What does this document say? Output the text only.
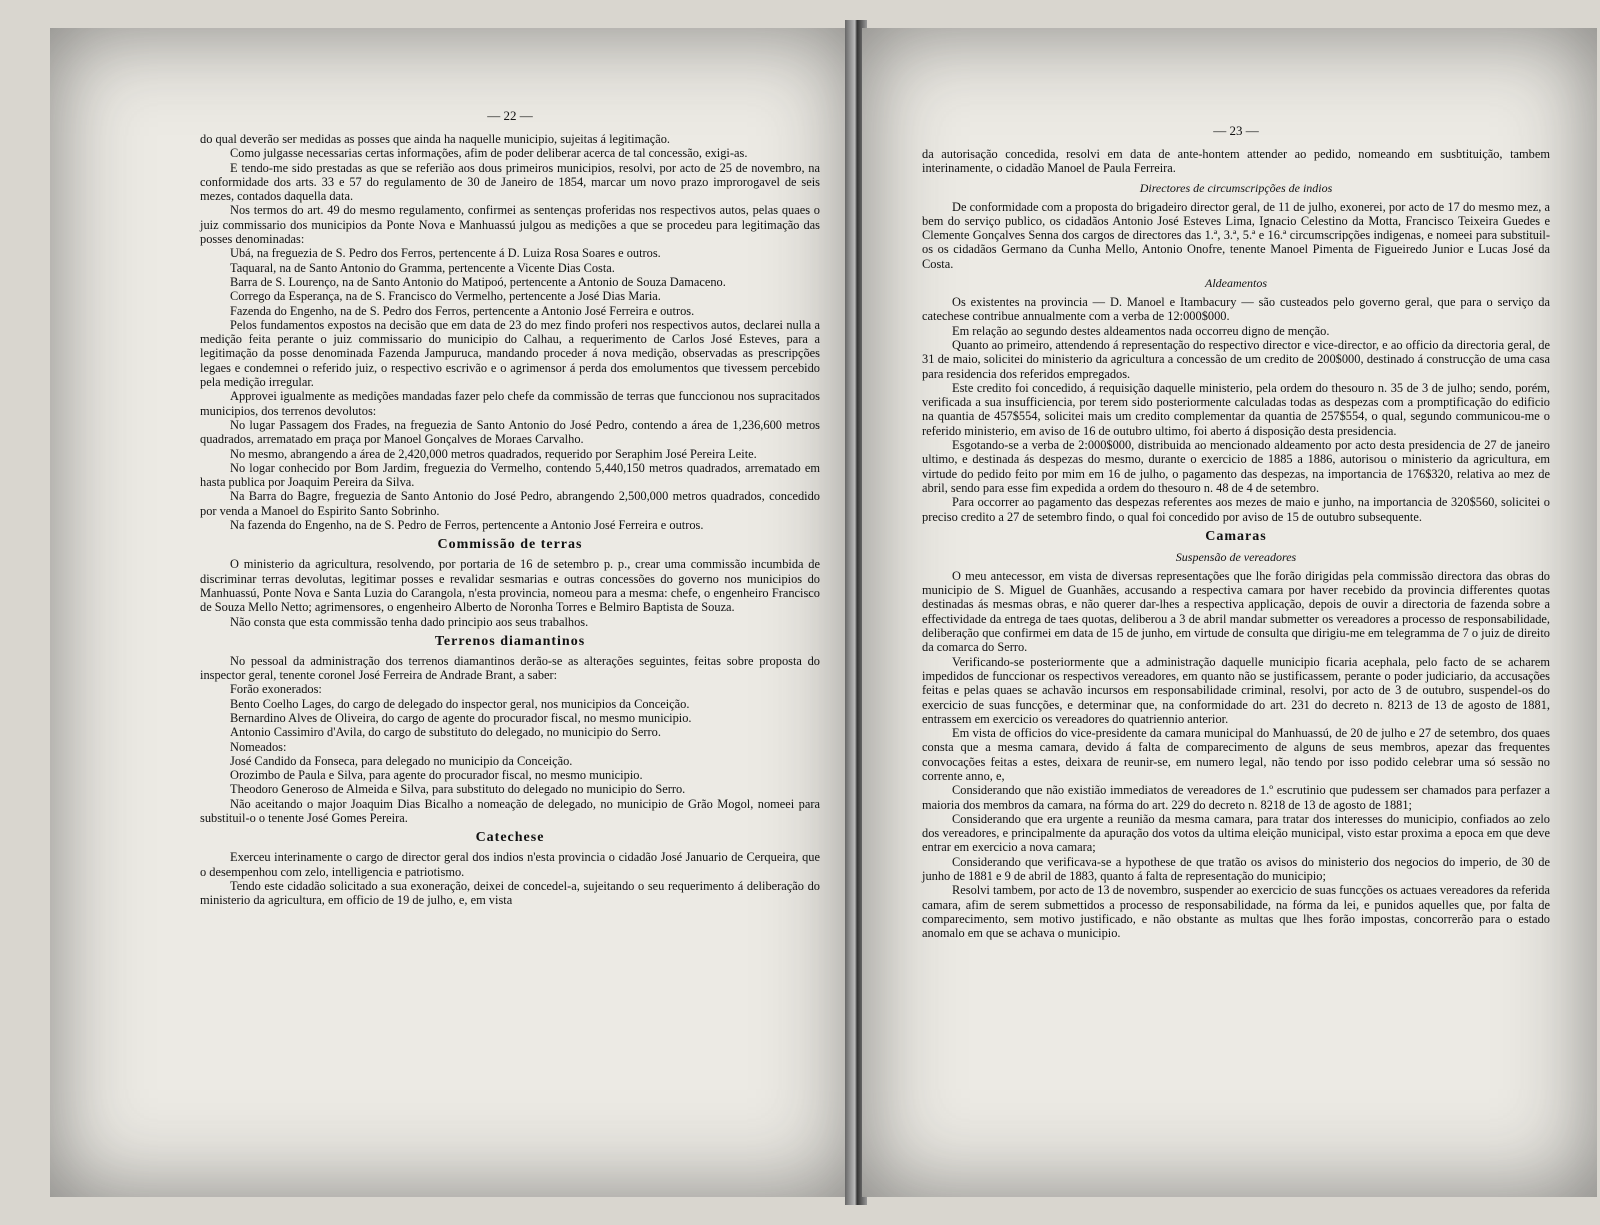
— 22 —

do qual deverão ser medidas as posses que ainda ha naquelle municipio, sujeitas á legitimação.

Como julgasse necessarias certas informações, afim de poder deliberar acerca de tal concessão, exigi-as.

E tendo-me sido prestadas as que se referião aos dous primeiros municipios, resolvi, por acto de 25 de novembro, na conformidade dos arts. 33 e 57 do regulamento de 30 de Janeiro de 1854, marcar um novo prazo improrogavel de seis mezes, contados daquella data.

Nos termos do art. 49 do mesmo regulamento, confirmei as sentenças proferidas nos respectivos autos, pelas quaes o juiz commissario dos municipios da Ponte Nova e Manhuassú julgou as medições a que se procedeu para legitimação das posses denominadas:

Ubá, na freguezia de S. Pedro dos Ferros, pertencente á D. Luiza Rosa Soares e outros.

Taquaral, na de Santo Antonio do Gramma, pertencente a Vicente Dias Costa.

Barra de S. Lourenço, na de Santo Antonio do Matipoó, pertencente a Antonio de Souza Damaceno.

Corrego da Esperança, na de S. Francisco do Vermelho, pertencente a José Dias Maria.

Fazenda do Engenho, na de S. Pedro dos Ferros, pertencente a Antonio José Ferreira e outros.

Pelos fundamentos expostos na decisão que em data de 23 do mez findo proferi nos respectivos autos, declarei nulla a medição feita perante o juiz commissario do municipio do Calhau, a requerimento de Carlos José Esteves, para a legitimação da posse denominada Fazenda Jampuruca, mandando proceder á nova medição, observadas as prescripções legaes e condemnei o referido juiz, o respectivo escrivão e o agrimensor á perda dos emolumentos que tivessem percebido pela medição irregular.

Approvei igualmente as medições mandadas fazer pelo chefe da commissão de terras que funccionou nos supracitados municipios, dos terrenos devolutos:

No lugar Passagem dos Frades, na freguezia de Santo Antonio do José Pedro, contendo a área de 1,236,600 metros quadrados, arrematado em praça por Manoel Gonçalves de Moraes Carvalho.

No mesmo, abrangendo a área de 2,420,000 metros quadrados, requerido por Seraphim José Pereira Leite.

No logar conhecido por Bom Jardim, freguezia do Vermelho, contendo 5,440,150 metros quadrados, arrematado em hasta publica por Joaquim Pereira da Silva.

Na Barra do Bagre, freguezia de Santo Antonio do José Pedro, abrangendo 2,500,000 metros quadrados, concedido por venda a Manoel do Espirito Santo Sobrinho.

Na fazenda do Engenho, na de S. Pedro de Ferros, pertencente a Antonio José Ferreira e outros.

Commissão de terras

O ministerio da agricultura, resolvendo, por portaria de 16 de setembro p. p., crear uma commissão incumbida de discriminar terras devolutas, legitimar posses e revalidar sesmarias e outras concessões do governo nos municipios do Manhuassú, Ponte Nova e Santa Luzia do Carangola, n'esta provincia, nomeou para a mesma: chefe, o engenheiro Francisco de Souza Mello Netto; agrimensores, o engenheiro Alberto de Noronha Torres e Belmiro Baptista de Souza.

Não consta que esta commissão tenha dado principio aos seus trabalhos.

Terrenos diamantinos

No pessoal da administração dos terrenos diamantinos derão-se as alterações seguintes, feitas sobre proposta do inspector geral, tenente coronel José Ferreira de Andrade Brant, a saber:

Forão exonerados:

Bento Coelho Lages, do cargo de delegado do inspector geral, nos municipios da Conceição.

Bernardino Alves de Oliveira, do cargo de agente do procurador fiscal, no mesmo municipio.

Antonio Cassimiro d'Avila, do cargo de substituto do delegado, no municipio do Serro.

Nomeados:

José Candido da Fonseca, para delegado no municipio da Conceição.

Orozimbo de Paula e Silva, para agente do procurador fiscal, no mesmo municipio.

Theodoro Generoso de Almeida e Silva, para substituto do delegado no municipio do Serro.

Não aceitando o major Joaquim Dias Bicalho a nomeação de delegado, no municipio de Grão Mogol, nomeei para substituil-o o tenente José Gomes Pereira.

Catechese

Exerceu interinamente o cargo de director geral dos indios n'esta provincia o cidadão José Januario de Cerqueira, que o desempenhou com zelo, intelligencia e patriotismo.

Tendo este cidadão solicitado a sua exoneração, deixei de concedel-a, sujeitando o seu requerimento á deliberação do ministerio da agricultura, em officio de 19 de julho, e, em vista

— 23 —

da autorisação concedida, resolvi em data de ante-hontem attender ao pedido, nomeando em susbtituição, tambem interinamente, o cidadão Manoel de Paula Ferreira.

Directores de circumscripções de indios

De conformidade com a proposta do brigadeiro director geral, de 11 de julho, exonerei, por acto de 17 do mesmo mez, a bem do serviço publico, os cidadãos Antonio José Esteves Lima, Ignacio Celestino da Motta, Francisco Teixeira Guedes e Clemente Gonçalves Senna dos cargos de directores das 1.ª, 3.ª, 5.ª e 16.ª circumscripções indigenas, e nomeei para substituil-os os cidadãos Germano da Cunha Mello, Antonio Onofre, tenente Manoel Pimenta de Figueiredo Junior e Lucas José da Costa.

Aldeamentos

Os existentes na provincia — D. Manoel e Itambacury — são custeados pelo governo geral, que para o serviço da catechese contribue annualmente com a verba de 12:000$000.

Em relação ao segundo destes aldeamentos nada occorreu digno de menção.

Quanto ao primeiro, attendendo á representação do respectivo director e vice-director, e ao officio da directoria geral, de 31 de maio, solicitei do ministerio da agricultura a concessão de um credito de 200$000, destinado á construcção de uma casa para residencia dos referidos empregados.

Este credito foi concedido, á requisição daquelle ministerio, pela ordem do thesouro n. 35 de 3 de julho; sendo, porém, verificada a sua insufficiencia, por terem sido posteriormente calculadas todas as despezas com a promptificação do edificio na quantia de 457$554, solicitei mais um credito complementar da quantia de 257$554, o qual, segundo communicou-me o referido ministerio, em aviso de 16 de outubro ultimo, foi aberto á disposição desta presidencia.

Esgotando-se a verba de 2:000$000, distribuida ao mencionado aldeamento por acto desta presidencia de 27 de janeiro ultimo, e destinada ás despezas do mesmo, durante o exercicio de 1885 a 1886, autorisou o ministerio da agricultura, em virtude do pedido feito por mim em 16 de julho, o pagamento das despezas, na importancia de 176$320, relativa ao mez de abril, sendo para esse fim expedida a ordem do thesouro n. 48 de 4 de setembro.

Para occorrer ao pagamento das despezas referentes aos mezes de maio e junho, na importancia de 320$560, solicitei o preciso credito a 27 de setembro findo, o qual foi concedido por aviso de 15 de outubro subsequente.

Camaras
Suspensão de vereadores

O meu antecessor, em vista de diversas representações que lhe forão dirigidas pela commissão directora das obras do municipio de S. Miguel de Guanhães, accusando a respectiva camara por haver recebido da provincia differentes quotas destinadas ás mesmas obras, e não querer dar-lhes a respectiva applicação, depois de ouvir a directoria de fazenda sobre a effectividade da entrega de taes quotas, deliberou a 3 de abril mandar submetter os vereadores a processo de responsabilidade, deliberação que confirmei em data de 15 de junho, em virtude de consulta que dirigiu-me em telegramma de 7 o juiz de direito da comarca do Serro.

Verificando-se posteriormente que a administração daquelle municipio ficaria acephala, pelo facto de se acharem impedidos de funccionar os respectivos vereadores, em quanto não se justificassem, perante o poder judiciario, da accusações feitas e pelas quaes se achavão incursos em responsabilidade criminal, resolvi, por acto de 3 de outubro, suspendel-os do exercicio de suas funcções, e determinar que, na conformidade do art. 231 do decreto n. 8213 de 13 de agosto de 1881, entrassem em exercicio os vereadores do quatriennio anterior.

Em vista de officios do vice-presidente da camara municipal do Manhuassú, de 20 de julho e 27 de setembro, dos quaes consta que a mesma camara, devido á falta de comparecimento de alguns de seus membros, apezar das frequentes convocações feitas a estes, deixara de reunir-se, em numero legal, não tendo por isso podido celebrar uma só sessão no corrente anno, e,

Considerando que não existião immediatos de vereadores de 1.º escrutinio que pudessem ser chamados para perfazer a maioria dos membros da camara, na fórma do art. 229 do decreto n. 8218 de 13 de agosto de 1881;

Considerando que era urgente a reunião da mesma camara, para tratar dos interesses do municipio, confiados ao zelo dos vereadores, e principalmente da apuração dos votos da ultima eleição municipal, visto estar proxima a epoca em que deve entrar em exercicio a nova camara;

Considerando que verificava-se a hypothese de que tratão os avisos do ministerio dos negocios do imperio, de 30 de junho de 1881 e 9 de abril de 1883, quanto á falta de representação do municipio;

Resolvi tambem, por acto de 13 de novembro, suspender ao exercicio de suas funcções os actuaes vereadores da referida camara, afim de serem submettidos a processo de responsabilidade, na fórma da lei, e punidos aquelles que, por falta de comparecimento, sem motivo justificado, e não obstante as multas que lhes forão impostas, concorrerão para o estado anomalo em que se achava o municipio.
